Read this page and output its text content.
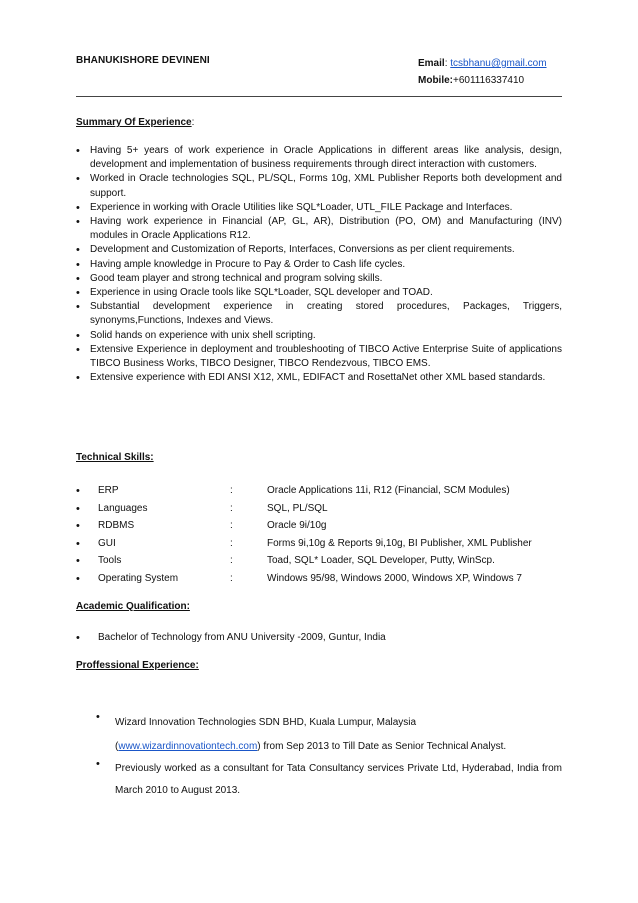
BHANUKISHORE DEVINENI	Email: tcsbhanu@gmail.com
Mobile:+601116337410
Summary Of Experience:
• Having 5+ years of work experience in Oracle Applications in different areas like analysis, design, development and implementation of business requirements through direct interaction with customers.
• Worked in Oracle technologies SQL, PL/SQL, Forms 10g, XML Publisher Reports both development and support.
• Experience in working with Oracle Utilities like SQL*Loader, UTL_FILE Package and Interfaces.
• Having work experience in Financial (AP, GL, AR), Distribution (PO, OM) and Manufacturing (INV) modules in Oracle Applications R12.
• Development and Customization of Reports, Interfaces, Conversions as per client requirements.
• Having ample knowledge in Procure to Pay & Order to Cash life cycles.
• Good team player and strong technical and program solving skills.
• Experience in using Oracle tools like SQL*Loader, SQL developer and TOAD.
• Substantial development experience in creating stored procedures, Packages, Triggers, synonyms,Functions, Indexes and Views.
• Solid hands on experience with unix shell scripting.
• Extensive Experience in deployment and troubleshooting of TIBCO Active Enterprise Suite of applications TIBCO Business Works, TIBCO Designer, TIBCO Rendezvous, TIBCO EMS.
• Extensive experience with EDI ANSI X12, XML, EDIFACT and RosettaNet other XML based standards.
Technical Skills:
• ERP	:	Oracle Applications 11i, R12 (Financial, SCM Modules)
• Languages	:	SQL, PL/SQL
• RDBMS	:	Oracle 9i/10g
• GUI	:	Forms 9i,10g & Reports 9i,10g, BI Publisher, XML Publisher
• Tools	:	Toad, SQL* Loader, SQL Developer, Putty, WinScp.
• Operating System	:	Windows 95/98, Windows 2000, Windows XP, Windows 7
Academic Qualification:
• Bachelor of Technology from ANU University -2009, Guntur, India
Proffessional Experience:
•	Wizard Innovation Technologies SDN BHD, Kuala Lumpur, Malaysia
(www.wizardinnovationtech.com) from Sep 2013 to Till Date as Senior Technical Analyst.
•	Previously worked as a consultant for Tata Consultancy services Private Ltd, Hyderabad, India from March 2010 to August 2013.
